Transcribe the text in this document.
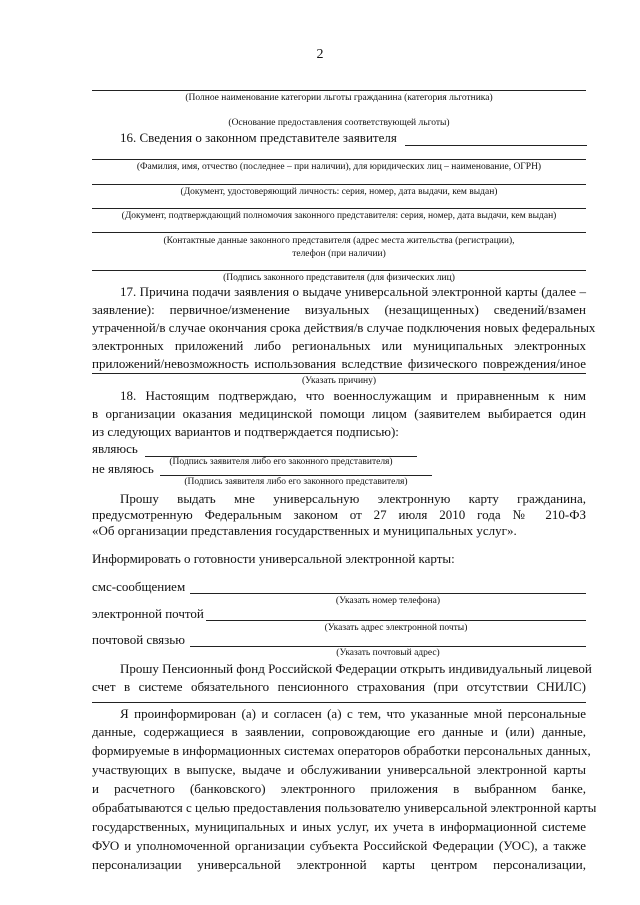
2
(Полное наименование категории льготы гражданина (категория льготника)
(Основание предоставления соответствующей льготы)
16. Сведения о законном представителе заявителя
(Фамилия, имя, отчество (последнее – при наличии), для юридических лиц – наименование, ОГРН)
(Документ, удостоверяющий личность: серия, номер, дата выдачи, кем выдан)
(Документ, подтверждающий полномочия законного представителя: серия, номер, дата выдачи, кем выдан)
(Контактные данные законного представителя (адрес места жительства (регистрации),
телефон (при наличии)
(Подпись законного представителя (для физических лиц)
17. Причина подачи заявления о выдаче универсальной электронной карты (далее –
заявление): первичное/изменение визуальных (незащищенных) сведений/взамен
утраченной/в случае окончания срока действия/в случае подключения новых федеральных
электронных приложений либо региональных или муниципальных электронных
приложений/невозможность использования вследствие физического повреждения/иное
(Указать причину)
18. Настоящим подтверждаю, что военнослужащим и приравненным к ним
в организации оказания медицинской помощи лицом (заявителем выбирается один
из следующих вариантов и подтверждается подписью):
являюсь
(Подпись заявителя либо его законного представителя)
не являюсь
(Подпись заявителя либо его законного представителя)
Прошу выдать мне универсальную электронную карту гражданина,
предусмотренную Федеральным законом от 27 июля 2010 года № 210-ФЗ
«Об организации представления государственных и муниципальных услуг».
Информировать о готовности универсальной электронной карты:
смс-сообщением
(Указать номер телефона)
электронной почтой
(Указать адрес электронной почты)
почтовой связью
(Указать почтовый адрес)
Прошу Пенсионный фонд Российской Федерации открыть индивидуальный лицевой
счет в системе обязательного пенсионного страхования (при отсутствии СНИЛС)
Я проинформирован (а) и согласен (а) с тем, что указанные мной персональные
данные, содержащиеся в заявлении, сопровождающие его данные и (или) данные,
формируемые в информационных системах операторов обработки персональных данных,
участвующих в выпуске, выдаче и обслуживании универсальной электронной карты
и расчетного (банковского) электронного приложения в выбранном банке,
обрабатываются с целью предоставления пользователю универсальной электронной карты
государственных, муниципальных и иных услуг, их учета в информационной системе
ФУО и уполномоченной организации субъекта Российской Федерации (УОС), а также
персонализации универсальной электронной карты центром персонализации,
